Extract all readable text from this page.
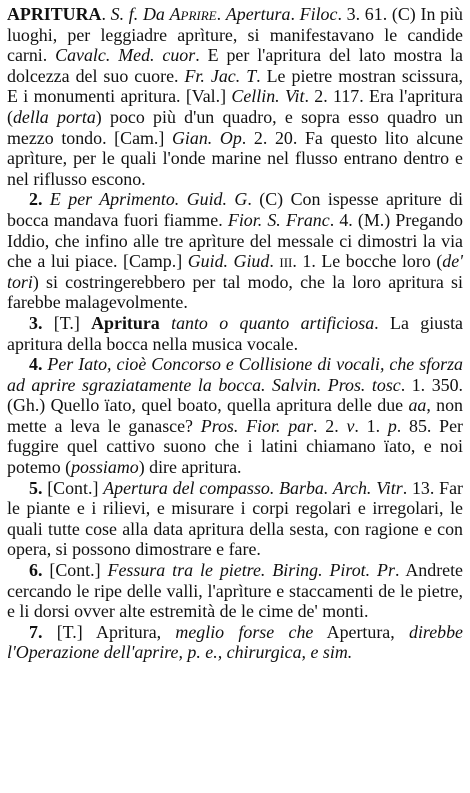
APRITURA. S. f. Da Aprire. Apertura. Filoc. 3. 61. (C) In più luoghi, per leggiadre aprìture, si manifestavano le candide carni. Cavalc. Med. cuor. E per l'apritura del lato mostra la dolcezza del suo cuore. Fr. Jac. T. Le pietre mostran scissura, E i monumenti apritura. [Val.] Cellin. Vit. 2. 117. Era l'apritura (della porta) poco più d'un quadro, e sopra esso quadro un mezzo tondo. [Cam.] Gian. Op. 2. 20. Fa questo lito alcune aprìture, per le quali l'onde marine nel flusso entrano dentro e nel riflusso escono.

2. E per Aprimento. Guid. G. (C) Con ispesse apriture di bocca mandava fuori fiamme. Fior. S. Franc. 4. (M.) Pregando Iddio, che infino alle tre aprìture del messale ci dimostri la via che a lui piace. [Camp.] Guid. Giud. iii. 1. Le bocche loro (de' tori) si costringerebbero per tal modo, che la loro apritura si farebbe malagevolmente.

3. [T.] Apritura tanto o quanto artificiosa. La giusta apritura della bocca nella musica vocale.

4. Per Iato, cioè Concorso e Collisione di vocali, che sforza ad aprire sgraziatamente la bocca. Salvin. Pros. tosc. 1. 350. (Gh.) Quello ïato, quel boato, quella apritura delle due aa, non mette a leva le ganasce? Pros. Fior. par. 2. v. 1. p. 85. Per fuggire quel cattivo suono che i latini chiamano ïato, e noi potemo (possiamo) dire apritura.

5. [Cont.] Apertura del compasso. Barba. Arch. Vitr. 13. Far le piante e i rilievi, e misurare i corpi regolari e irregolari, le quali tutte cose alla data apritura della sesta, con ragione e con opera, si possono dimostrare e fare.

6. [Cont.] Fessura tra le pietre. Biring. Pirot. Pr. Andrete cercando le ripe delle valli, l'aprìture e staccamenti de le pietre, e li dorsi ovver alte estremità de le cime de' monti.

7. [T.] Apritura, meglio forse che Apertura, direbbe l'Operazione dell'aprire, p. e., chirurgica, e sim.
